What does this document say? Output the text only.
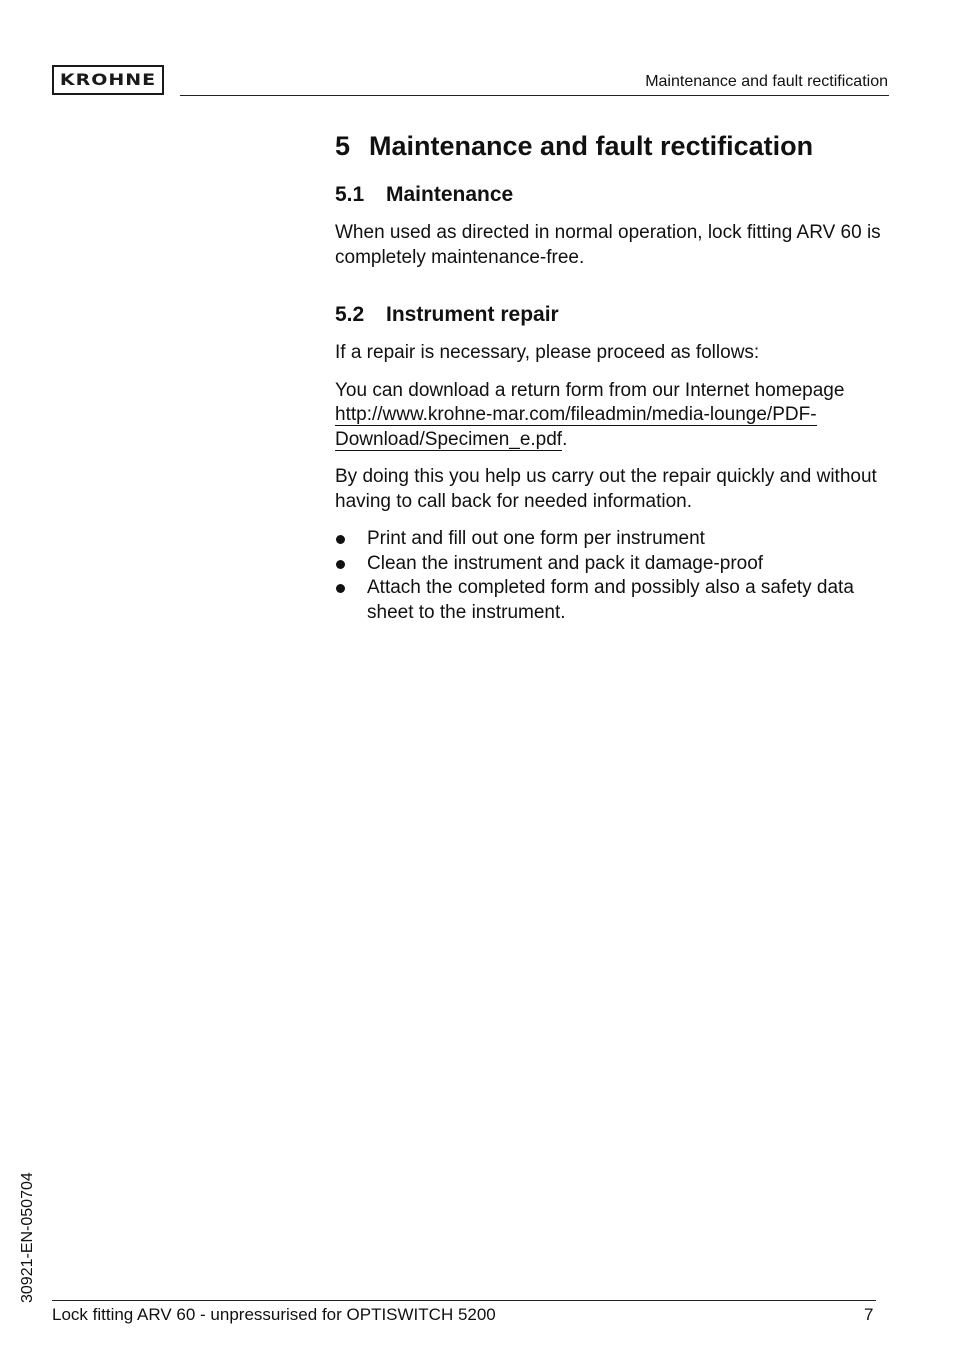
KROHNE	Maintenance and fault rectification
5 Maintenance and fault rectification
5.1	Maintenance

When used as directed in normal operation, lock fitting ARV 60 is completely maintenance-free.

5.2	Instrument repair

If a repair is necessary, please proceed as follows:

You can download a return form from our Internet homepage
http://www.krohne-mar.com/fileadmin/media-lounge/PDF-
Download/Specimen_e.pdf.

By doing this you help us carry out the repair quickly and without having to call back for needed information.

Print and fill out one form per instrument
Clean the instrument and pack it damage-proof
Attach the completed form and possibly also a safety data sheet to the instrument.
30921-EN-050704
Lock fitting ARV 60 - unpressurised for OPTISWITCH 5200	7
